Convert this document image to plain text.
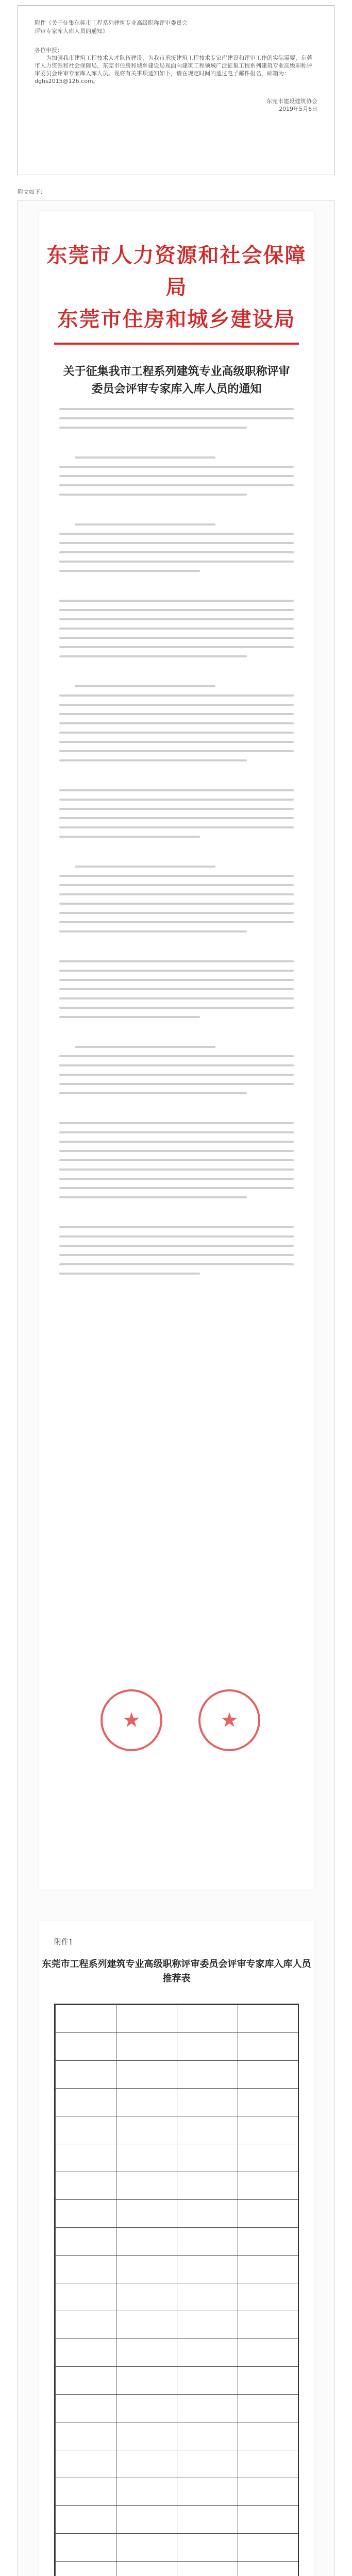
附件《关于征集东莞市工程系列建筑专业高级职称评审委员会
评审专家库入库人员的通知》
各位申报：

为加强我市建筑工程技术人才队伍建设，为我市承接建筑工程技术专家库建设和评审工作的实际需要，东莞市人力资源和社会保障局，东莞市住房和城乡建设局现面向建筑工程领域广泛征集工程系列建筑专业高级职称评审委员会评审专家库入库人员。现将有关事项通知如下，请在规定时间内通过电子邮件报名，邮箱为：dghs2015@126.com。

东莞市建设建筑协会
2019年5月6日
附文如下：
东莞市人力资源和社会保障局
东莞市住房和城乡建设局
关于征集我市工程系列建筑专业高级职称评审委员会评审专家库入库人员的通知
★	★
附件1
东莞市工程系列建筑专业高级职称评审委员会评审专家库入库人员推荐表
